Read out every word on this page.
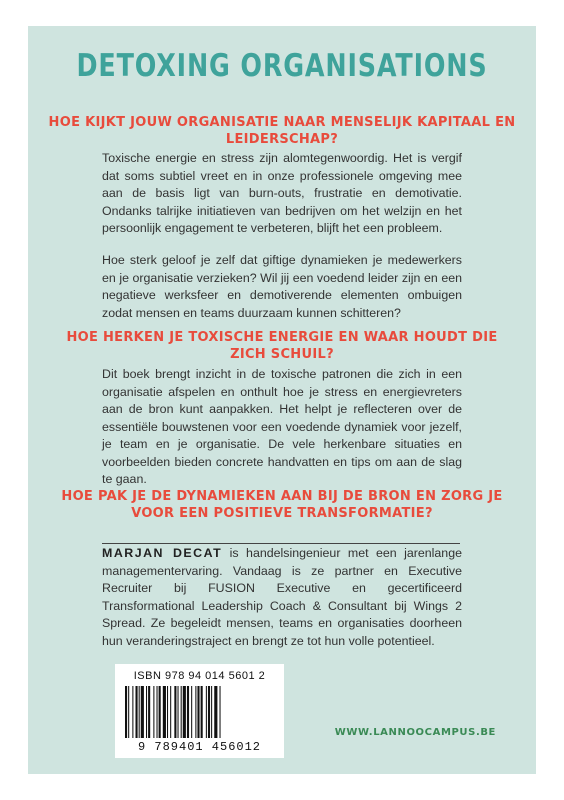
DETOXING ORGANISATIONS
HOE KIJKT JOUW ORGANISATIE NAAR MENSELIJK KAPITAAL EN LEIDERSCHAP?

Toxische energie en stress zijn alomtegenwoordig. Het is vergif dat soms subtiel vreet en in onze professionele omgeving mee aan de basis ligt van burn-outs, frustratie en demotivatie. Ondanks talrijke initiatieven van bedrijven om het welzijn en het persoonlijk engagement te verbeteren, blijft het een probleem.

Hoe sterk geloof je zelf dat giftige dynamieken je medewerkers en je organisatie verzieken? Wil jij een voedend leider zijn en een negatieve werksfeer en demotiverende elementen ombuigen zodat mensen en teams duurzaam kunnen schitteren?

HOE HERKEN JE TOXISCHE ENERGIE EN WAAR HOUDT DIE ZICH SCHUIL?

Dit boek brengt inzicht in de toxische patronen die zich in een organisatie afspelen en onthult hoe je stress en energievreters aan de bron kunt aanpakken. Het helpt je reflecteren over de essentiële bouwstenen voor een voedende dynamiek voor jezelf, je team en je organisatie. De vele herkenbare situaties en voorbeelden bieden concrete handvatten en tips om aan de slag te gaan.

HOE PAK JE DE DYNAMIEKEN AAN BIJ DE BRON EN ZORG JE VOOR EEN POSITIEVE TRANSFORMATIE?

MARJAN DECAT is handelsingenieur met een jarenlange managementervaring. Vandaag is ze partner en Executive Recruiter bij FUSION Executive en gecertificeerd Transformational Leadership Coach & Consultant bij Wings 2 Spread. Ze begeleidt mensen, teams en organisaties doorheen hun veranderingstraject en brengt ze tot hun volle potentieel.

ISBN 978 94 014 5601 2
9 789401 456012
WWW.LANNOOCAMPUS.BE
